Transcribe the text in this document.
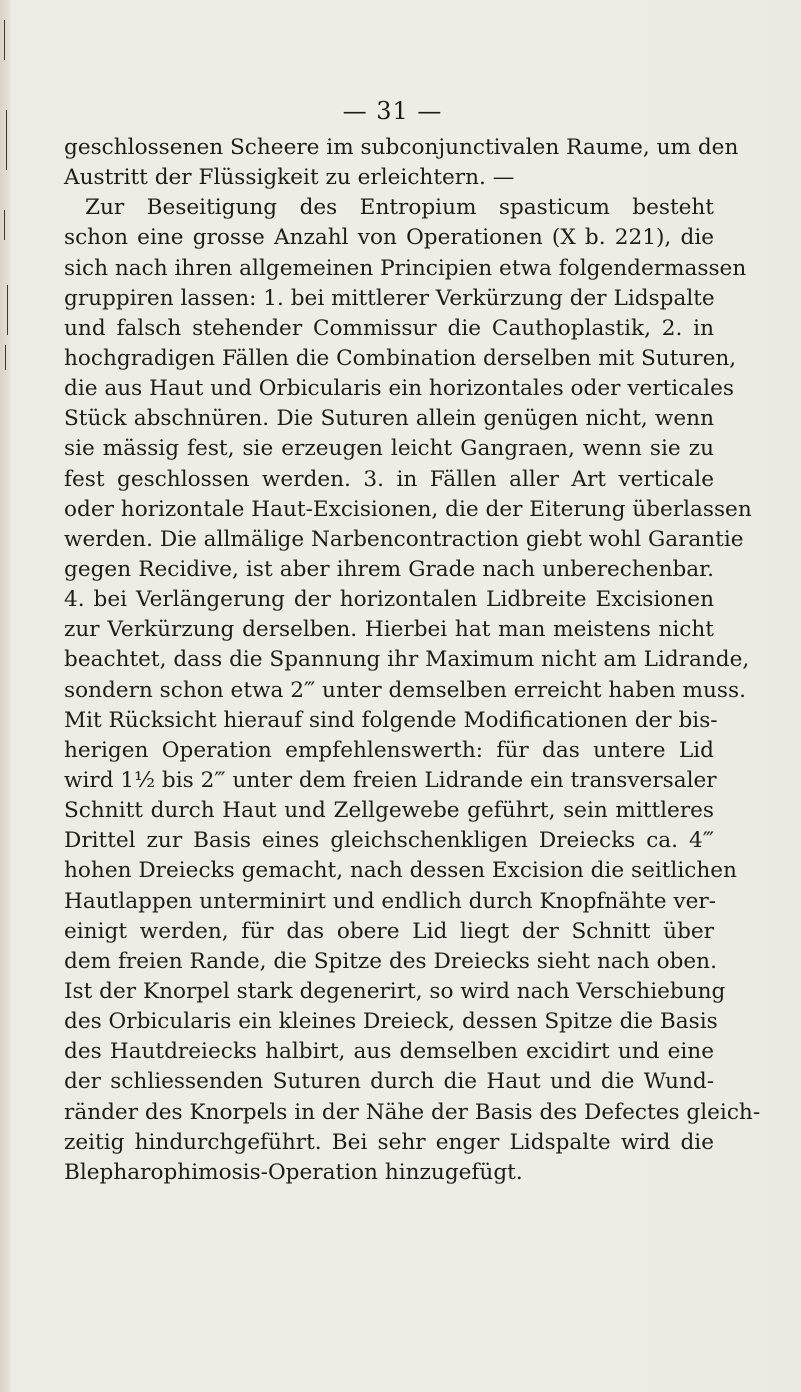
— 31 —
geschlossenen Scheere im subconjunctivalen Raume, um den
Austritt der Flüssigkeit zu erleichtern. —
Zur Beseitigung des Entropium spasticum besteht
schon eine grosse Anzahl von Operationen (X b. 221), die
sich nach ihren allgemeinen Principien etwa folgendermassen
gruppiren lassen: 1. bei mittlerer Verkürzung der Lidspalte
und falsch stehender Commissur die Cauthoplastik, 2. in
hochgradigen Fällen die Combination derselben mit Suturen,
die aus Haut und Orbicularis ein horizontales oder verticales
Stück abschnüren. Die Suturen allein genügen nicht, wenn
sie mässig fest, sie erzeugen leicht Gangraen, wenn sie zu
fest geschlossen werden. 3. in Fällen aller Art verticale
oder horizontale Haut-Excisionen, die der Eiterung überlassen
werden. Die allmälige Narbencontraction giebt wohl Garantie
gegen Recidive, ist aber ihrem Grade nach unberechenbar.
4. bei Verlängerung der horizontalen Lidbreite Excisionen
zur Verkürzung derselben. Hierbei hat man meistens nicht
beachtet, dass die Spannung ihr Maximum nicht am Lidrande,
sondern schon etwa 2‴ unter demselben erreicht haben muss.
Mit Rücksicht hierauf sind folgende Modificationen der bis-
herigen Operation empfehlenswerth: für das untere Lid
wird 1½ bis 2‴ unter dem freien Lidrande ein transversaler
Schnitt durch Haut und Zellgewebe geführt, sein mittleres
Drittel zur Basis eines gleichschenkligen Dreiecks ca. 4‴
hohen Dreiecks gemacht, nach dessen Excision die seitlichen
Hautlappen unterminirt und endlich durch Knopfnähte ver-
einigt werden, für das obere Lid liegt der Schnitt über
dem freien Rande, die Spitze des Dreiecks sieht nach oben.
Ist der Knorpel stark degenerirt, so wird nach Verschiebung
des Orbicularis ein kleines Dreieck, dessen Spitze die Basis
des Hautdreiecks halbirt, aus demselben excidirt und eine
der schliessenden Suturen durch die Haut und die Wund-
ränder des Knorpels in der Nähe der Basis des Defectes gleich-
zeitig hindurchgeführt. Bei sehr enger Lidspalte wird die
Blepharophimosis-Operation hinzugefügt.
